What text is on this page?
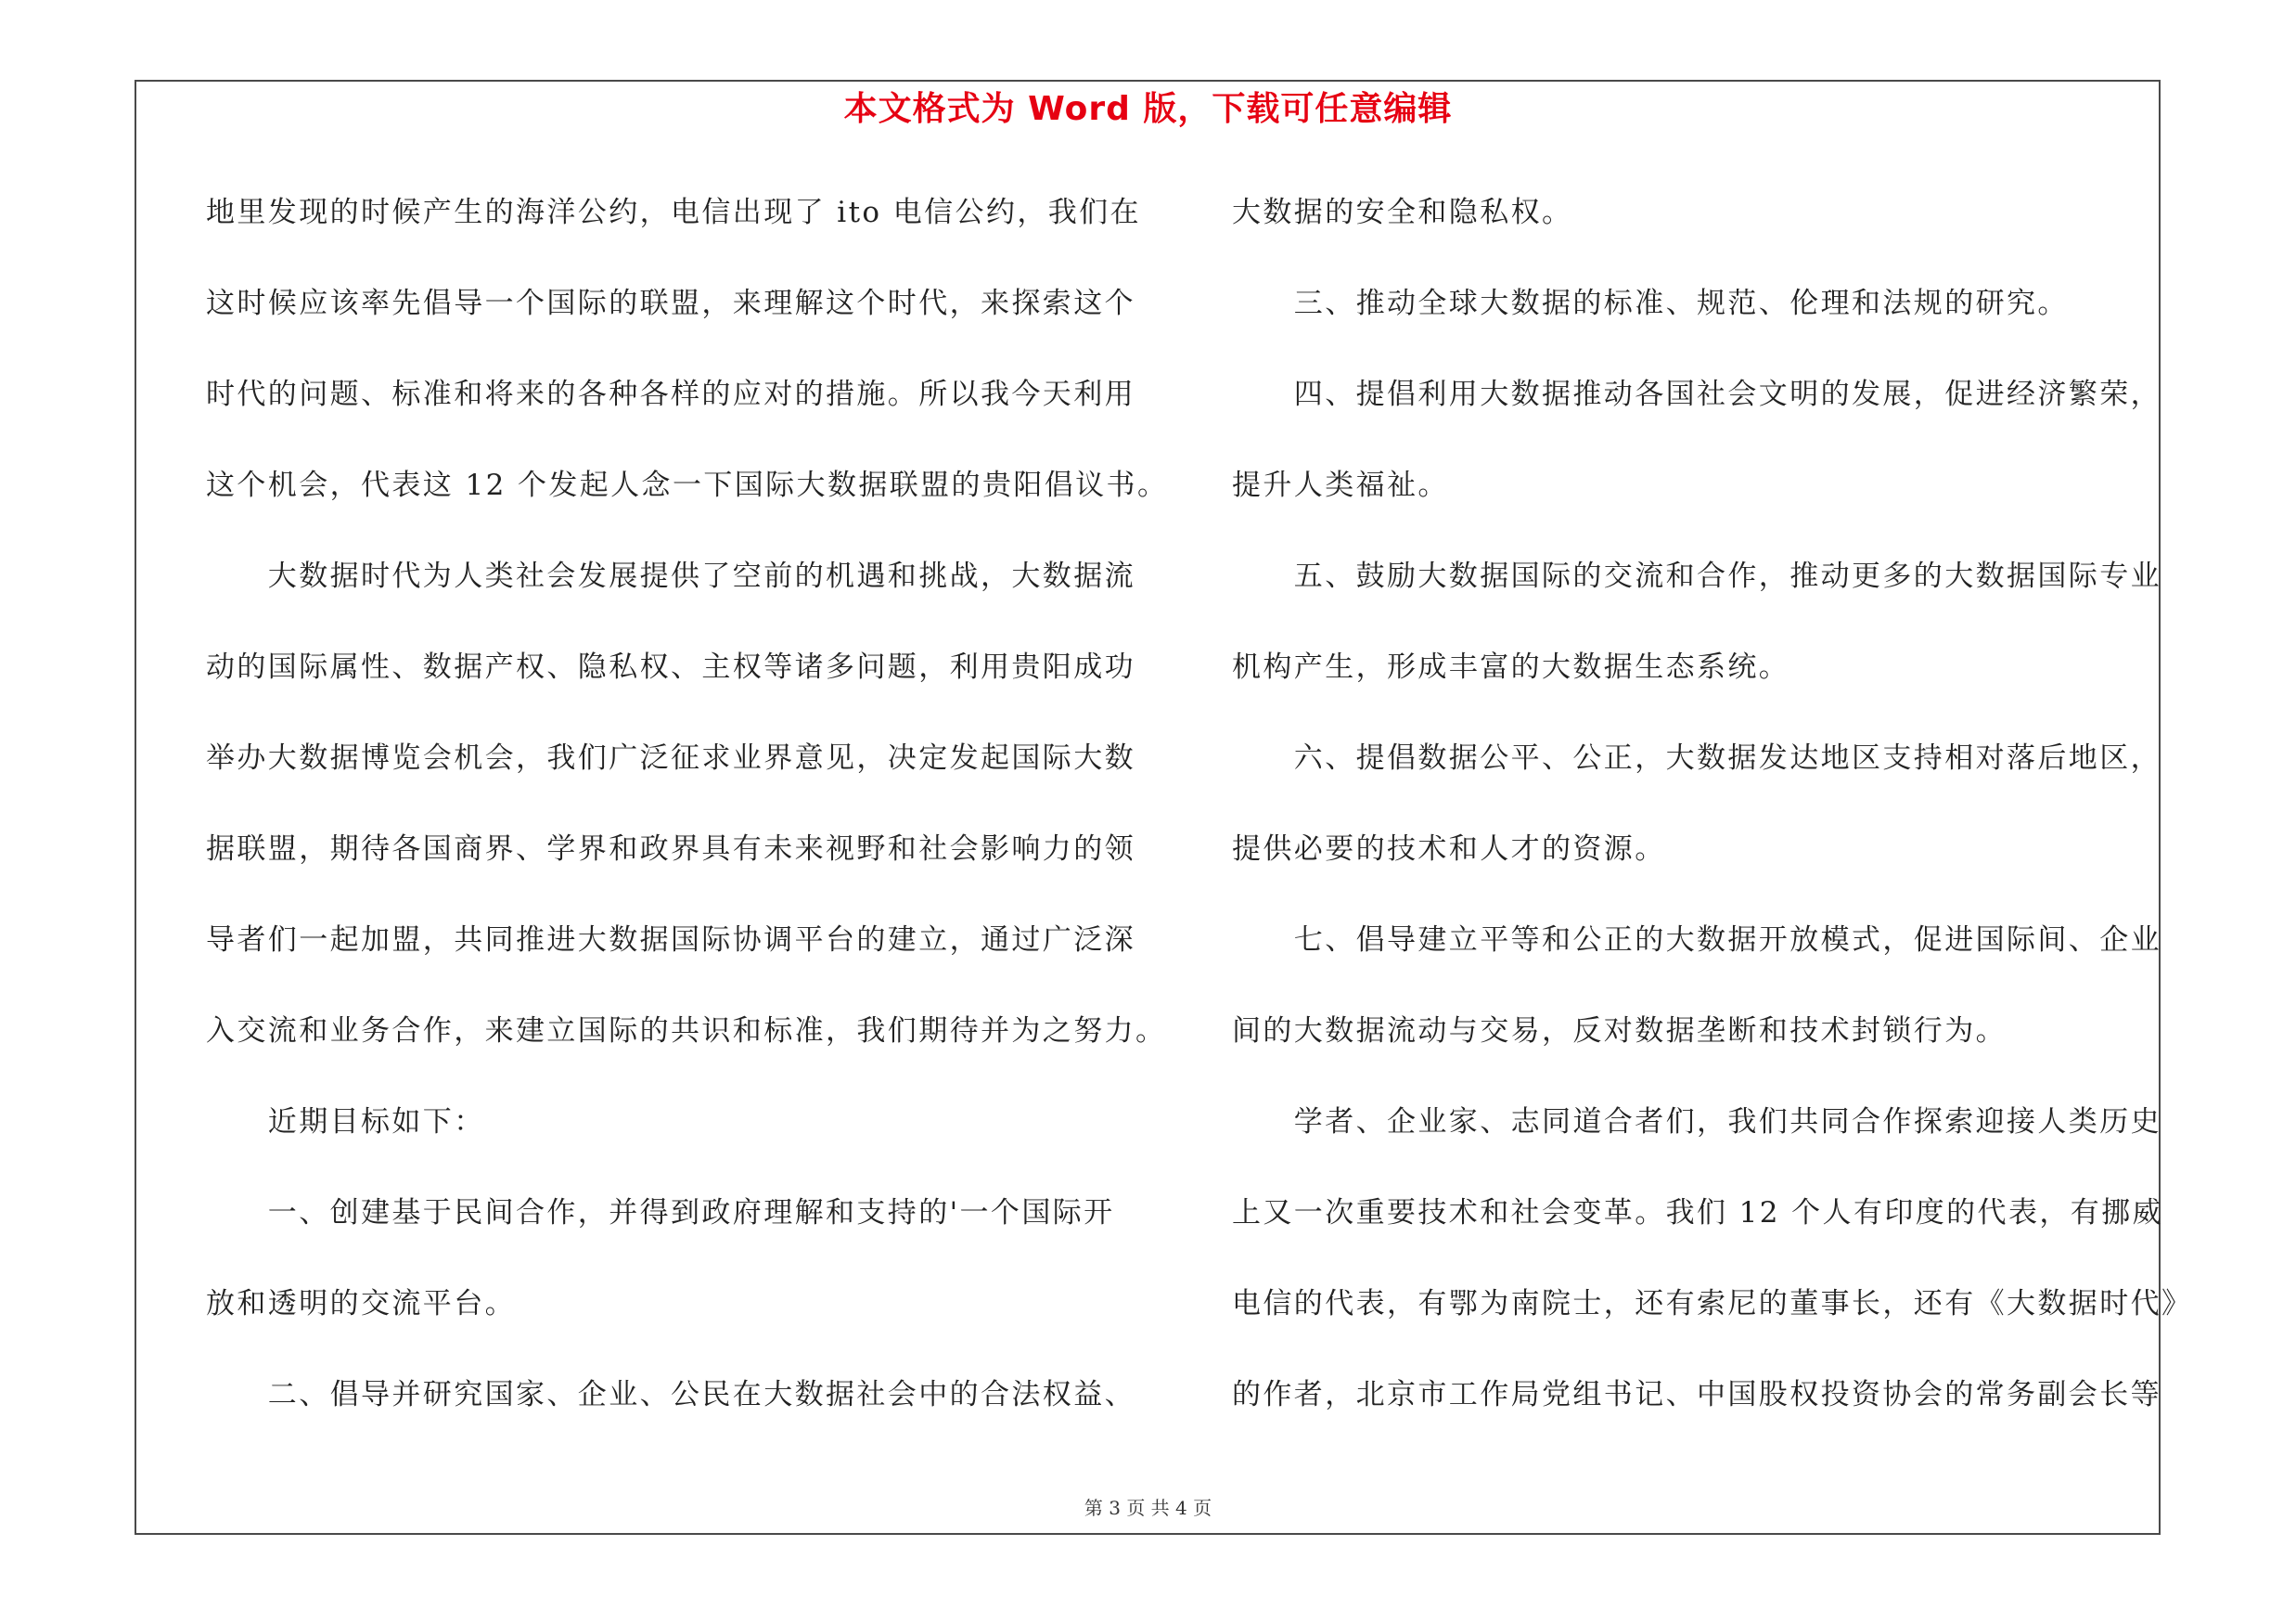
本文格式为 Word 版，下载可任意编辑
地里发现的时候产生的海洋公约，电信出现了 ito 电信公约，我们在
这时候应该率先倡导一个国际的联盟，来理解这个时代，来探索这个
时代的问题、标准和将来的各种各样的应对的措施。所以我今天利用
这个机会，代表这 12 个发起人念一下国际大数据联盟的贵阳倡议书。
　　大数据时代为人类社会发展提供了空前的机遇和挑战，大数据流
动的国际属性、数据产权、隐私权、主权等诸多问题，利用贵阳成功
举办大数据博览会机会，我们广泛征求业界意见，决定发起国际大数
据联盟，期待各国商界、学界和政界具有未来视野和社会影响力的领
导者们一起加盟，共同推进大数据国际协调平台的建立，通过广泛深
入交流和业务合作，来建立国际的共识和标准，我们期待并为之努力。
　　近期目标如下：
　　一、创建基于民间合作，并得到政府理解和支持的'一个国际开
放和透明的交流平台。
　　二、倡导并研究国家、企业、公民在大数据社会中的合法权益、
大数据的安全和隐私权。
　　三、推动全球大数据的标准、规范、伦理和法规的研究。
　　四、提倡利用大数据推动各国社会文明的发展，促进经济繁荣，
提升人类福祉。
　　五、鼓励大数据国际的交流和合作，推动更多的大数据国际专业
机构产生，形成丰富的大数据生态系统。
　　六、提倡数据公平、公正，大数据发达地区支持相对落后地区，
提供必要的技术和人才的资源。
　　七、倡导建立平等和公正的大数据开放模式，促进国际间、企业
间的大数据流动与交易，反对数据垄断和技术封锁行为。
　　学者、企业家、志同道合者们，我们共同合作探索迎接人类历史
上又一次重要技术和社会变革。我们 12 个人有印度的代表，有挪威
电信的代表，有鄂为南院士，还有索尼的董事长，还有《大数据时代》
的作者，北京市工作局党组书记、中国股权投资协会的常务副会长等
第 3 页 共 4 页
